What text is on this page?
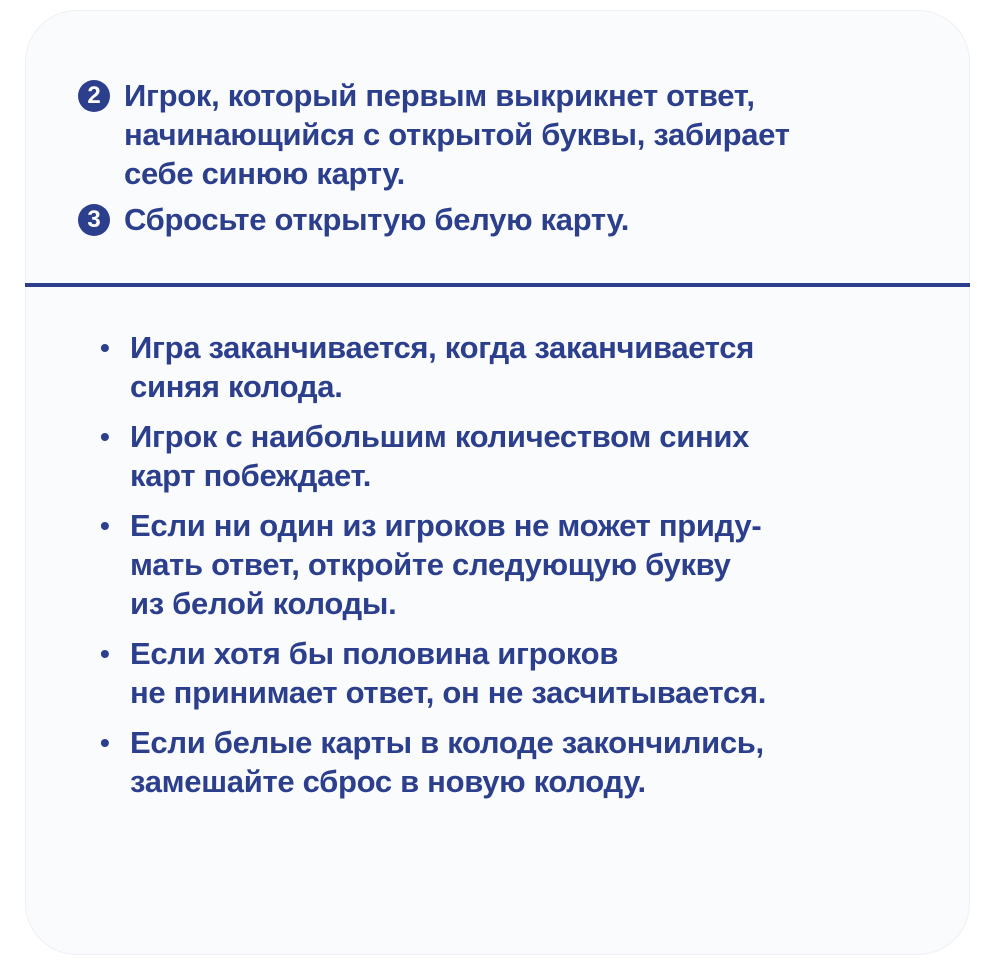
2 Игрок, который первым выкрикнет ответ,
начинающийся с открытой буквы, забирает
себе синюю карту.
3 Сбросьте открытую белую карту.
• Игра заканчивается, когда заканчивается
синяя колода.
• Игрок с наибольшим количеством синих
карт побеждает.
• Если ни один из игроков не может приду-
мать ответ, откройте следующую букву
из белой колоды.
• Если хотя бы половина игроков
не принимает ответ, он не засчитывается.
• Если белые карты в колоде закончились,
замешайте сброс в новую колоду.
